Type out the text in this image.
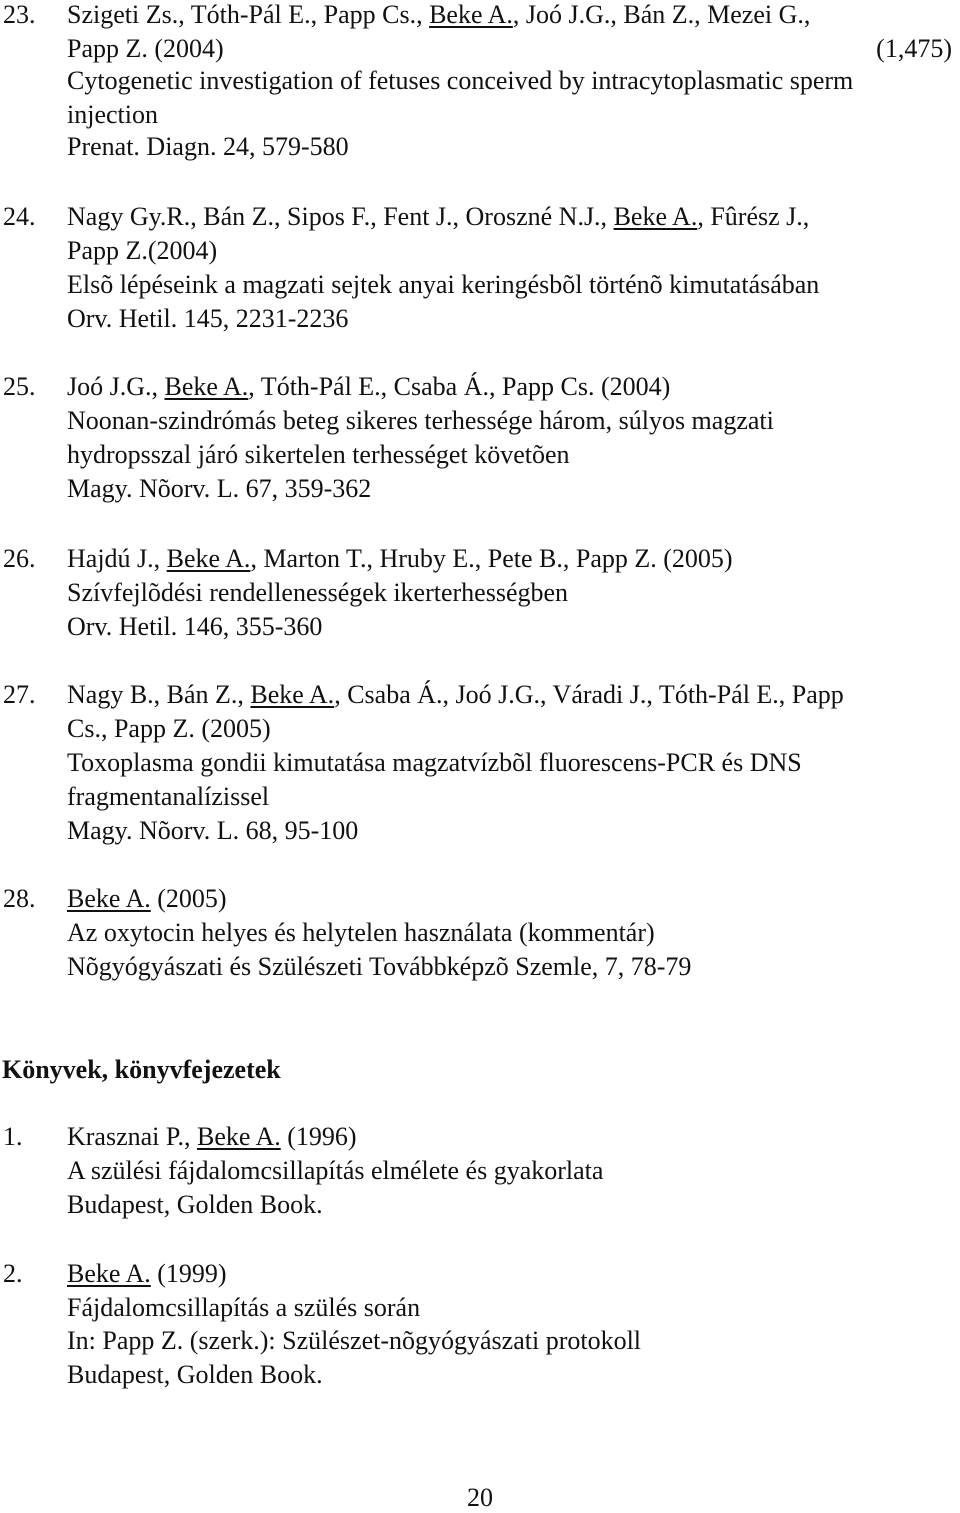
23. Szigeti Zs., Tóth-Pál E., Papp Cs., Beke A., Joó J.G., Bán Z., Mezei G.,
Papp Z. (2004)	(1,475)
Cytogenetic investigation of fetuses conceived by intracytoplasmatic sperm
injection
Prenat. Diagn. 24, 579-580
24. Nagy Gy.R., Bán Z., Sipos F., Fent J., Oroszné N.J., Beke A., Fûrész J.,
Papp Z.(2004)
Elsõ lépéseink a magzati sejtek anyai keringésbõl történõ kimutatásában
Orv. Hetil. 145, 2231-2236
25. Joó J.G., Beke A., Tóth-Pál E., Csaba Á., Papp Cs. (2004)
Noonan-szindrómás beteg sikeres terhessége három, súlyos magzati
hydropsszal járó sikertelen terhességet követõen
Magy. Nõorv. L. 67, 359-362
26. Hajdú J., Beke A., Marton T., Hruby E., Pete B., Papp Z. (2005)
Szívfejlõdési rendellenességek ikerterhességben
Orv. Hetil. 146, 355-360
27. Nagy B., Bán Z., Beke A., Csaba Á., Joó J.G., Váradi J., Tóth-Pál E., Papp
Cs., Papp Z. (2005)
Toxoplasma gondii kimutatása magzatvízbõl fluorescens-PCR és DNS
fragmentanalízissel
Magy. Nõorv. L. 68, 95-100
28. Beke A. (2005)
Az oxytocin helyes és helytelen használata (kommentár)
Nõgyógyászati és Szülészeti Továbbképzõ Szemle, 7, 78-79
Könyvek, könyvfejezetek
1. Krasznai P., Beke A. (1996)
A szülési fájdalomcsillapítás elmélete és gyakorlata
Budapest, Golden Book.
2. Beke A. (1999)
Fájdalomcsillapítás a szülés során
In: Papp Z. (szerk.): Szülészet-nõgyógyászati protokoll
Budapest, Golden Book.
20
